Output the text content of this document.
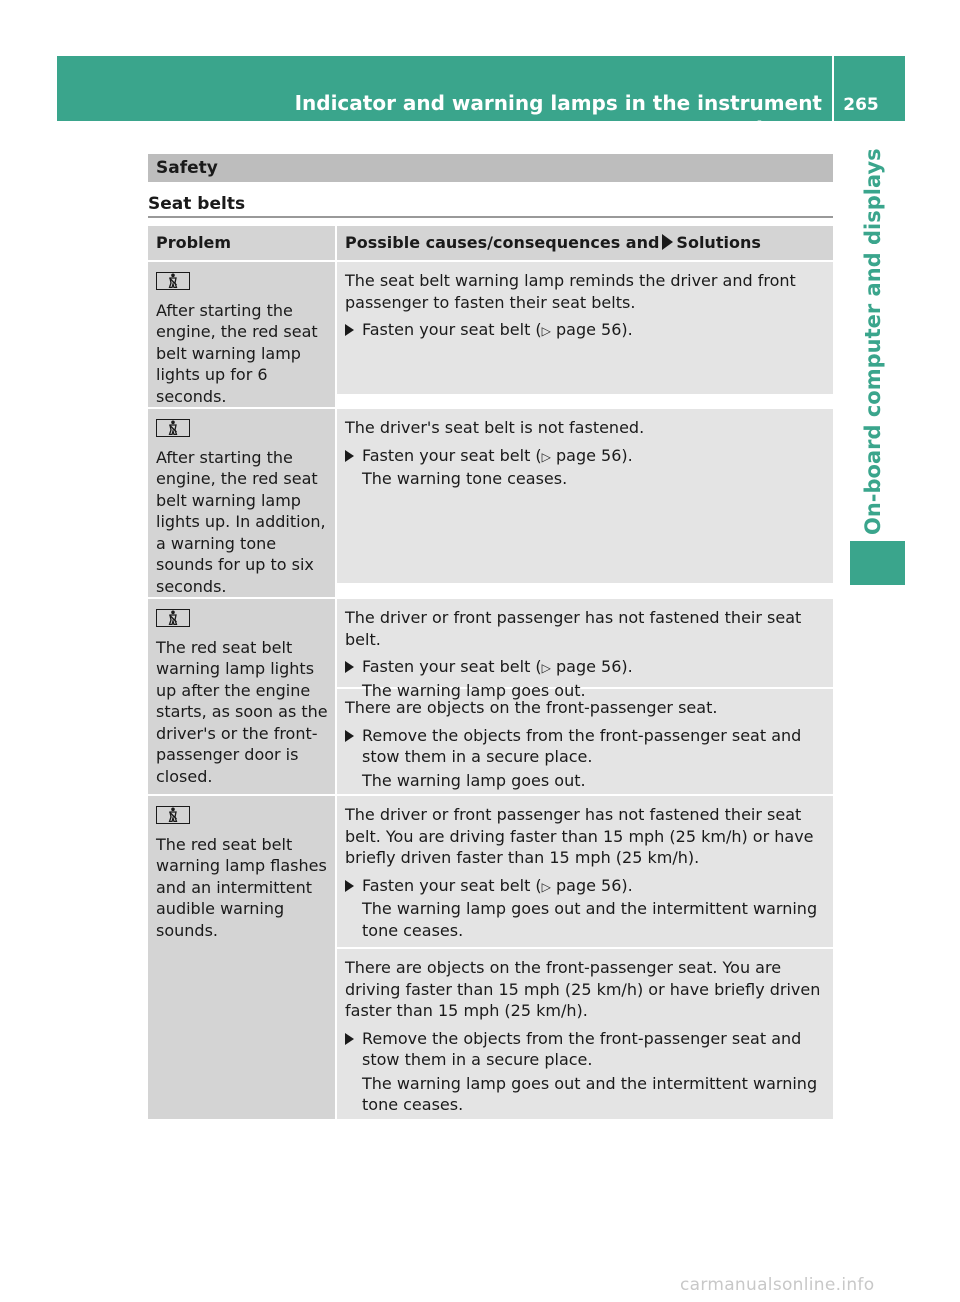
Indicator and warning lamps in the instrument cluster
265
On-board computer and displays
Safety
Seat belts
Problem	Possible causes/consequences and Solutions
After starting the engine, the red seat belt warning lamp lights up for 6 seconds.
The seat belt warning lamp reminds the driver and front passenger to fasten their seat belts.
Fasten your seat belt (▷ page 56).
After starting the engine, the red seat belt warning lamp lights up. In addition, a warning tone sounds for up to six seconds.
The driver's seat belt is not fastened.
Fasten your seat belt (▷ page 56).
The warning tone ceases.
The red seat belt warning lamp lights up after the engine starts, as soon as the driver's or the front-passenger door is closed.
The driver or front passenger has not fastened their seat belt.
Fasten your seat belt (▷ page 56).
The warning lamp goes out.
There are objects on the front-passenger seat.
Remove the objects from the front-passenger seat and stow them in a secure place.
The warning lamp goes out.
The red seat belt warning lamp flashes and an intermittent audible warning sounds.
The driver or front passenger has not fastened their seat belt. You are driving faster than 15 mph (25 km/h) or have briefly driven faster than 15 mph (25 km/h).
Fasten your seat belt (▷ page 56).
The warning lamp goes out and the intermittent warning tone ceases.
There are objects on the front-passenger seat. You are driving faster than 15 mph (25 km/h) or have briefly driven faster than 15 mph (25 km/h).
Remove the objects from the front-passenger seat and stow them in a secure place.
The warning lamp goes out and the intermittent warning tone ceases.
carmanualsonline.info
